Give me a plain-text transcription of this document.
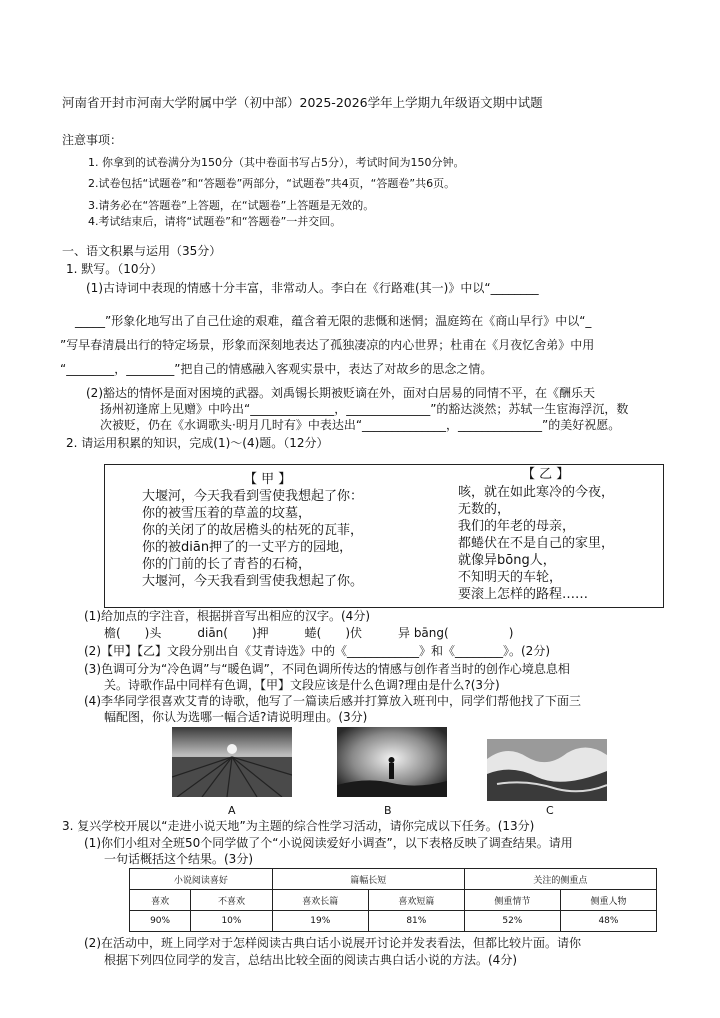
河南省开封市河南大学附属中学（初中部）2025-2026学年上学期九年级语文期中试题
注意事项：
1. 你拿到的试卷满分为150分（其中卷面书写占5分），考试时间为150分钟。
2.试卷包括“试题卷”和“答题卷”两部分，“试题卷”共4页，“答题卷”共6页。
3.请务必在“答题卷”上答题，在“试题卷”上答题是无效的。
4.考试结束后，请将“试题卷”和“答题卷”一并交回。
一、语文积累与运用（35分）
1. 默写。（10分）
(1)古诗词中表现的情感十分丰富，非常动人。李白在《行路难(其一)》中以“________
_____”形象化地写出了自己仕途的艰难，蕴含着无限的悲慨和迷惘；温庭筠在《商山早行》中以“_
”写早春清晨出行的特定场景，形象而深刻地表达了孤独凄凉的内心世界；杜甫在《月夜忆舍弟》中用
“________，________”把自己的情感融入客观实景中，表达了对故乡的思念之情。
(2)豁达的情怀是面对困境的武器。刘禹锡长期被贬谪在外，面对白居易的同情不平，在《酬乐天
扬州初逢席上见赠》中吟出“______________，______________”的豁达淡然；苏轼一生宦海浮沉，数
次被贬，仍在《水调歌头·明月几时有》中表达出“______________，______________”的美好祝愿。
2. 请运用积累的知识，完成(1)～(4)题。（12分）
【 甲 】
大堰河，今天我看到雪使我想起了你：
你的被雪压着的草盖的坟墓，
你的关闭了的故居檐头的枯死的瓦菲，
你的被diān押了的一丈平方的园地，
你的门前的长了青苔的石椅，
大堰河，今天我看到雪使我想起了你。
【 乙 】
咳，就在如此寒冷的今夜，
无数的，
我们的年老的母亲，
都蜷伏在不是自己的家里，
就像异bōng人，
不知明天的车轮，
要滚上怎样的路程……
(1)给加点的字注音，根据拼音写出相应的汉字。(4分)
檐(　　)头　　　diān(　　)押　　　蜷(　　)伏　　　异 bāng(　　　　　)
(2)【甲】【乙】文段分别出自《艾青诗选》中的《____________》和《________》。(2分)
(3)色调可分为“冷色调”与“暖色调”，不同色调所传达的情感与创作者当时的创作心境息息相
关。诗歌作品中同样有色调，【甲】文段应该是什么色调?理由是什么?(3分)
(4)李华同学很喜欢艾青的诗歌，他写了一篇读后感并打算放入班刊中，同学们帮他找了下面三
幅配图，你认为选哪一幅合适?请说明理由。(3分)
A	B	C
3. 复兴学校开展以“走进小说天地”为主题的综合性学习活动，请你完成以下任务。(13分)
(1)你们小组对全班50个同学做了个“小说阅读爱好小调查”，以下表格反映了调查结果。请用
一句话概括这个结果。(3分)
小说阅读喜好		篇幅长短		关注的侧重点	
喜欢	不喜欢	喜欢长篇	喜欢短篇	侧重情节	侧重人物
90%	10%	19%	81%	52%	48%
(2)在活动中，班上同学对于怎样阅读古典白话小说展开讨论并发表看法，但都比较片面。请你
根据下列四位同学的发言，总结出比较全面的阅读古典白话小说的方法。(4分)
